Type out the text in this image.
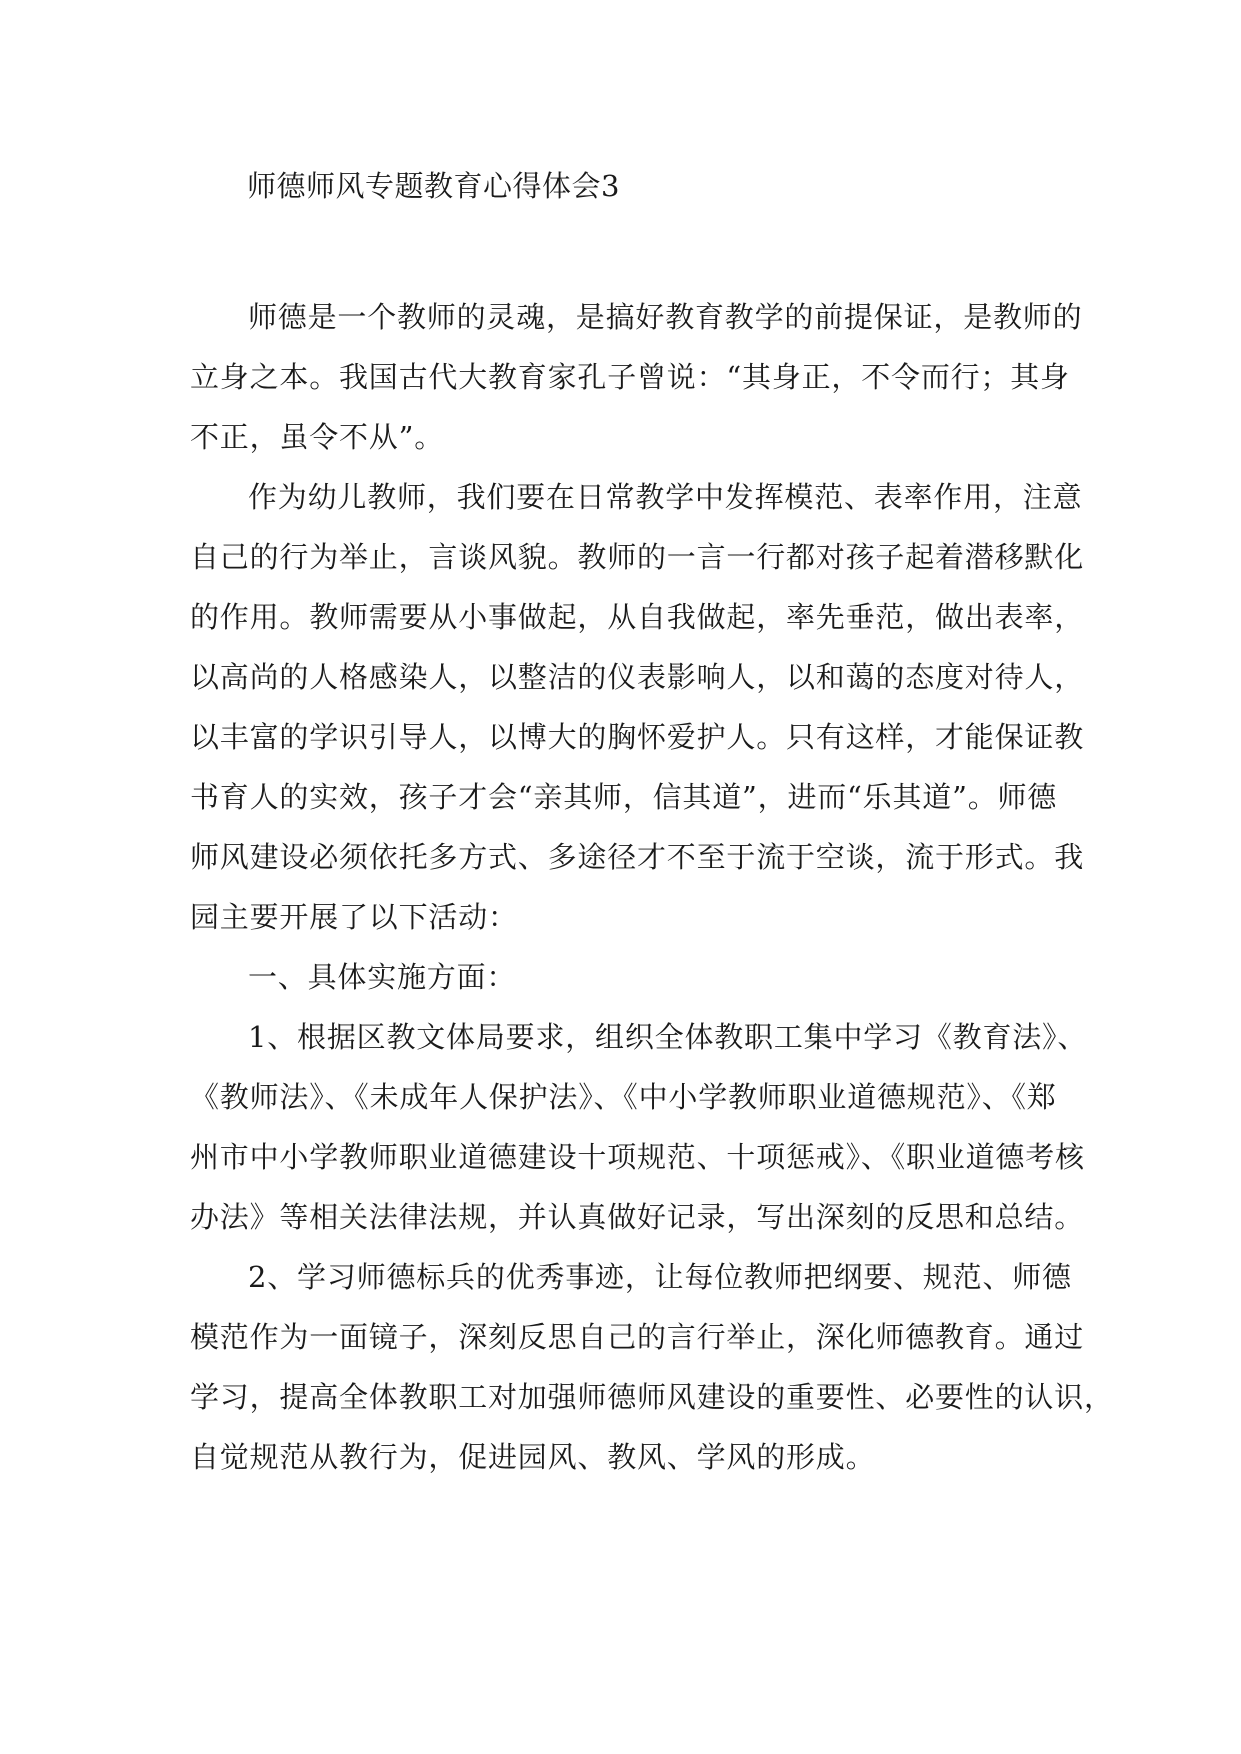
师德师风专题教育心得体会3

师德是一个教师的灵魂，是搞好教育教学的前提保证，是教师的
立身之本。我国古代大教育家孔子曾说：“其身正，不令而行；其身
不正，虽令不从”。

作为幼儿教师，我们要在日常教学中发挥模范、表率作用，注意
自己的行为举止，言谈风貌。教师的一言一行都对孩子起着潜移默化
的作用。教师需要从小事做起，从自我做起，率先垂范，做出表率，
以高尚的人格感染人，以整洁的仪表影响人，以和蔼的态度对待人，
以丰富的学识引导人，以博大的胸怀爱护人。只有这样，才能保证教
书育人的实效，孩子才会“亲其师，信其道”，进而“乐其道”。师德
师风建设必须依托多方式、多途径才不至于流于空谈，流于形式。我
园主要开展了以下活动：

一、具体实施方面：

1、根据区教文体局要求，组织全体教职工集中学习《教育法》、
《教师法》、《未成年人保护法》、《中小学教师职业道德规范》、《郑
州市中小学教师职业道德建设十项规范、十项惩戒》、《职业道德考核
办法》等相关法律法规，并认真做好记录，写出深刻的反思和总结。

2、学习师德标兵的优秀事迹，让每位教师把纲要、规范、师德
模范作为一面镜子，深刻反思自己的言行举止，深化师德教育。通过
学习，提高全体教职工对加强师德师风建设的重要性、必要性的认识，
自觉规范从教行为，促进园风、教风、学风的形成。
